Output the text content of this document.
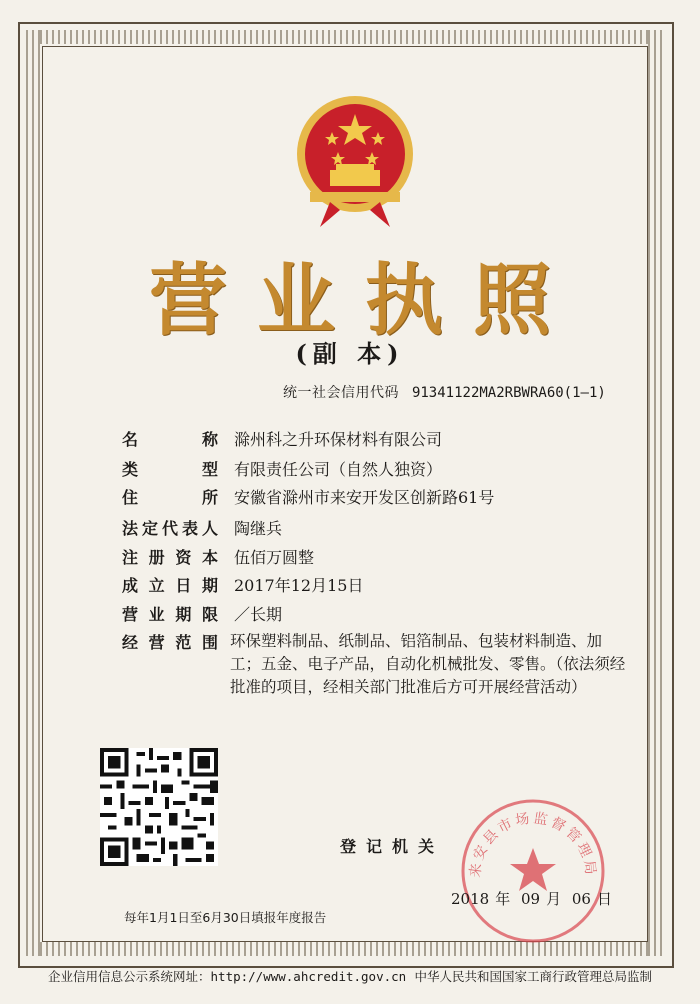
营业执照
(副 本)
统一社会信用代码 91341122MA2RBWRA60(1—1)
名　　　称 滁州科之升环保材料有限公司
类　　　型 有限责任公司（自然人独资）
住　　　所 安徽省滁州市来安开发区创新路61号
法定代表人 陶继兵
注 册 资 本 伍佰万圆整
成 立 日 期 2017年12月15日
营 业 期 限 ／长期
经 营 范 围 环保塑料制品、纸制品、铝箔制品、包装材料制造、加工；五金、电子产品，自动化机械批发、零售。（依法须经批准的项目，经相关部门批准后方可开展经营活动）
登记机关
来安县市场监督管理局
2018 年 09 月 06 日
每年1月1日至6月30日填报年度报告
企业信用信息公示系统网址：http://www.ahcredit.gov.cn 中华人民共和国国家工商行政管理总局监制
